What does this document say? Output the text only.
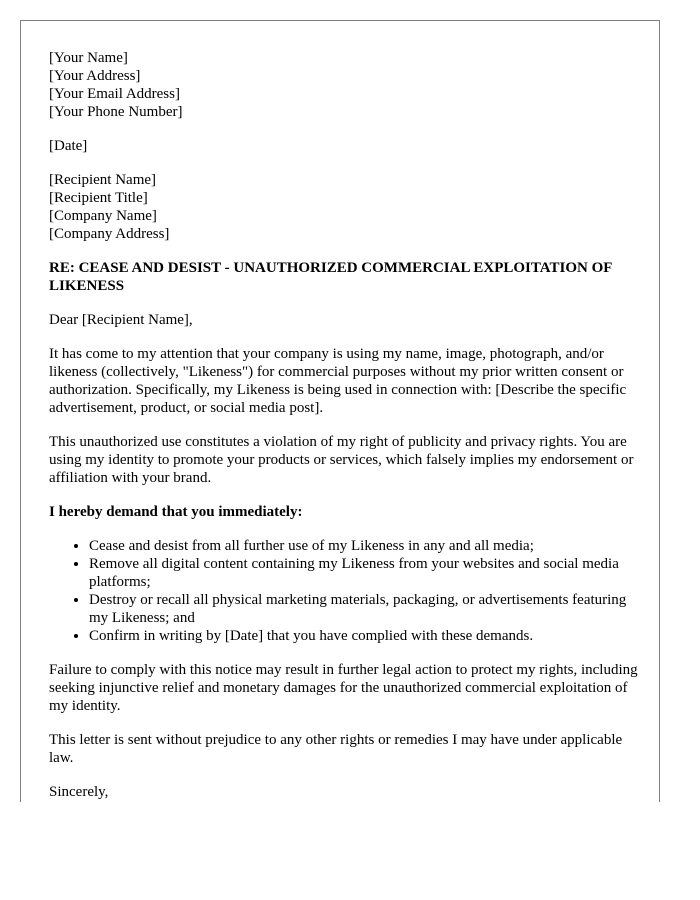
[Your Name]
[Your Address]
[Your Email Address]
[Your Phone Number]
[Date]
[Recipient Name]
[Recipient Title]
[Company Name]
[Company Address]
RE: CEASE AND DESIST - UNAUTHORIZED COMMERCIAL EXPLOITATION OF LIKENESS

Dear [Recipient Name],

It has come to my attention that your company is using my name, image, photograph, and/or likeness (collectively, "Likeness") for commercial purposes without my prior written consent or authorization. Specifically, my Likeness is being used in connection with: [Describe the specific advertisement, product, or social media post].

This unauthorized use constitutes a violation of my right of publicity and privacy rights. You are using my identity to promote your products or services, which falsely implies my endorsement or affiliation with your brand.

I hereby demand that you immediately:
• Cease and desist from all further use of my Likeness in any and all media;
• Remove all digital content containing my Likeness from your websites and social media platforms;
• Destroy or recall all physical marketing materials, packaging, or advertisements featuring my Likeness; and
• Confirm in writing by [Date] that you have complied with these demands.

Failure to comply with this notice may result in further legal action to protect my rights, including seeking injunctive relief and monetary damages for the unauthorized commercial exploitation of my identity.

This letter is sent without prejudice to any other rights or remedies I may have under applicable law.

Sincerely,
